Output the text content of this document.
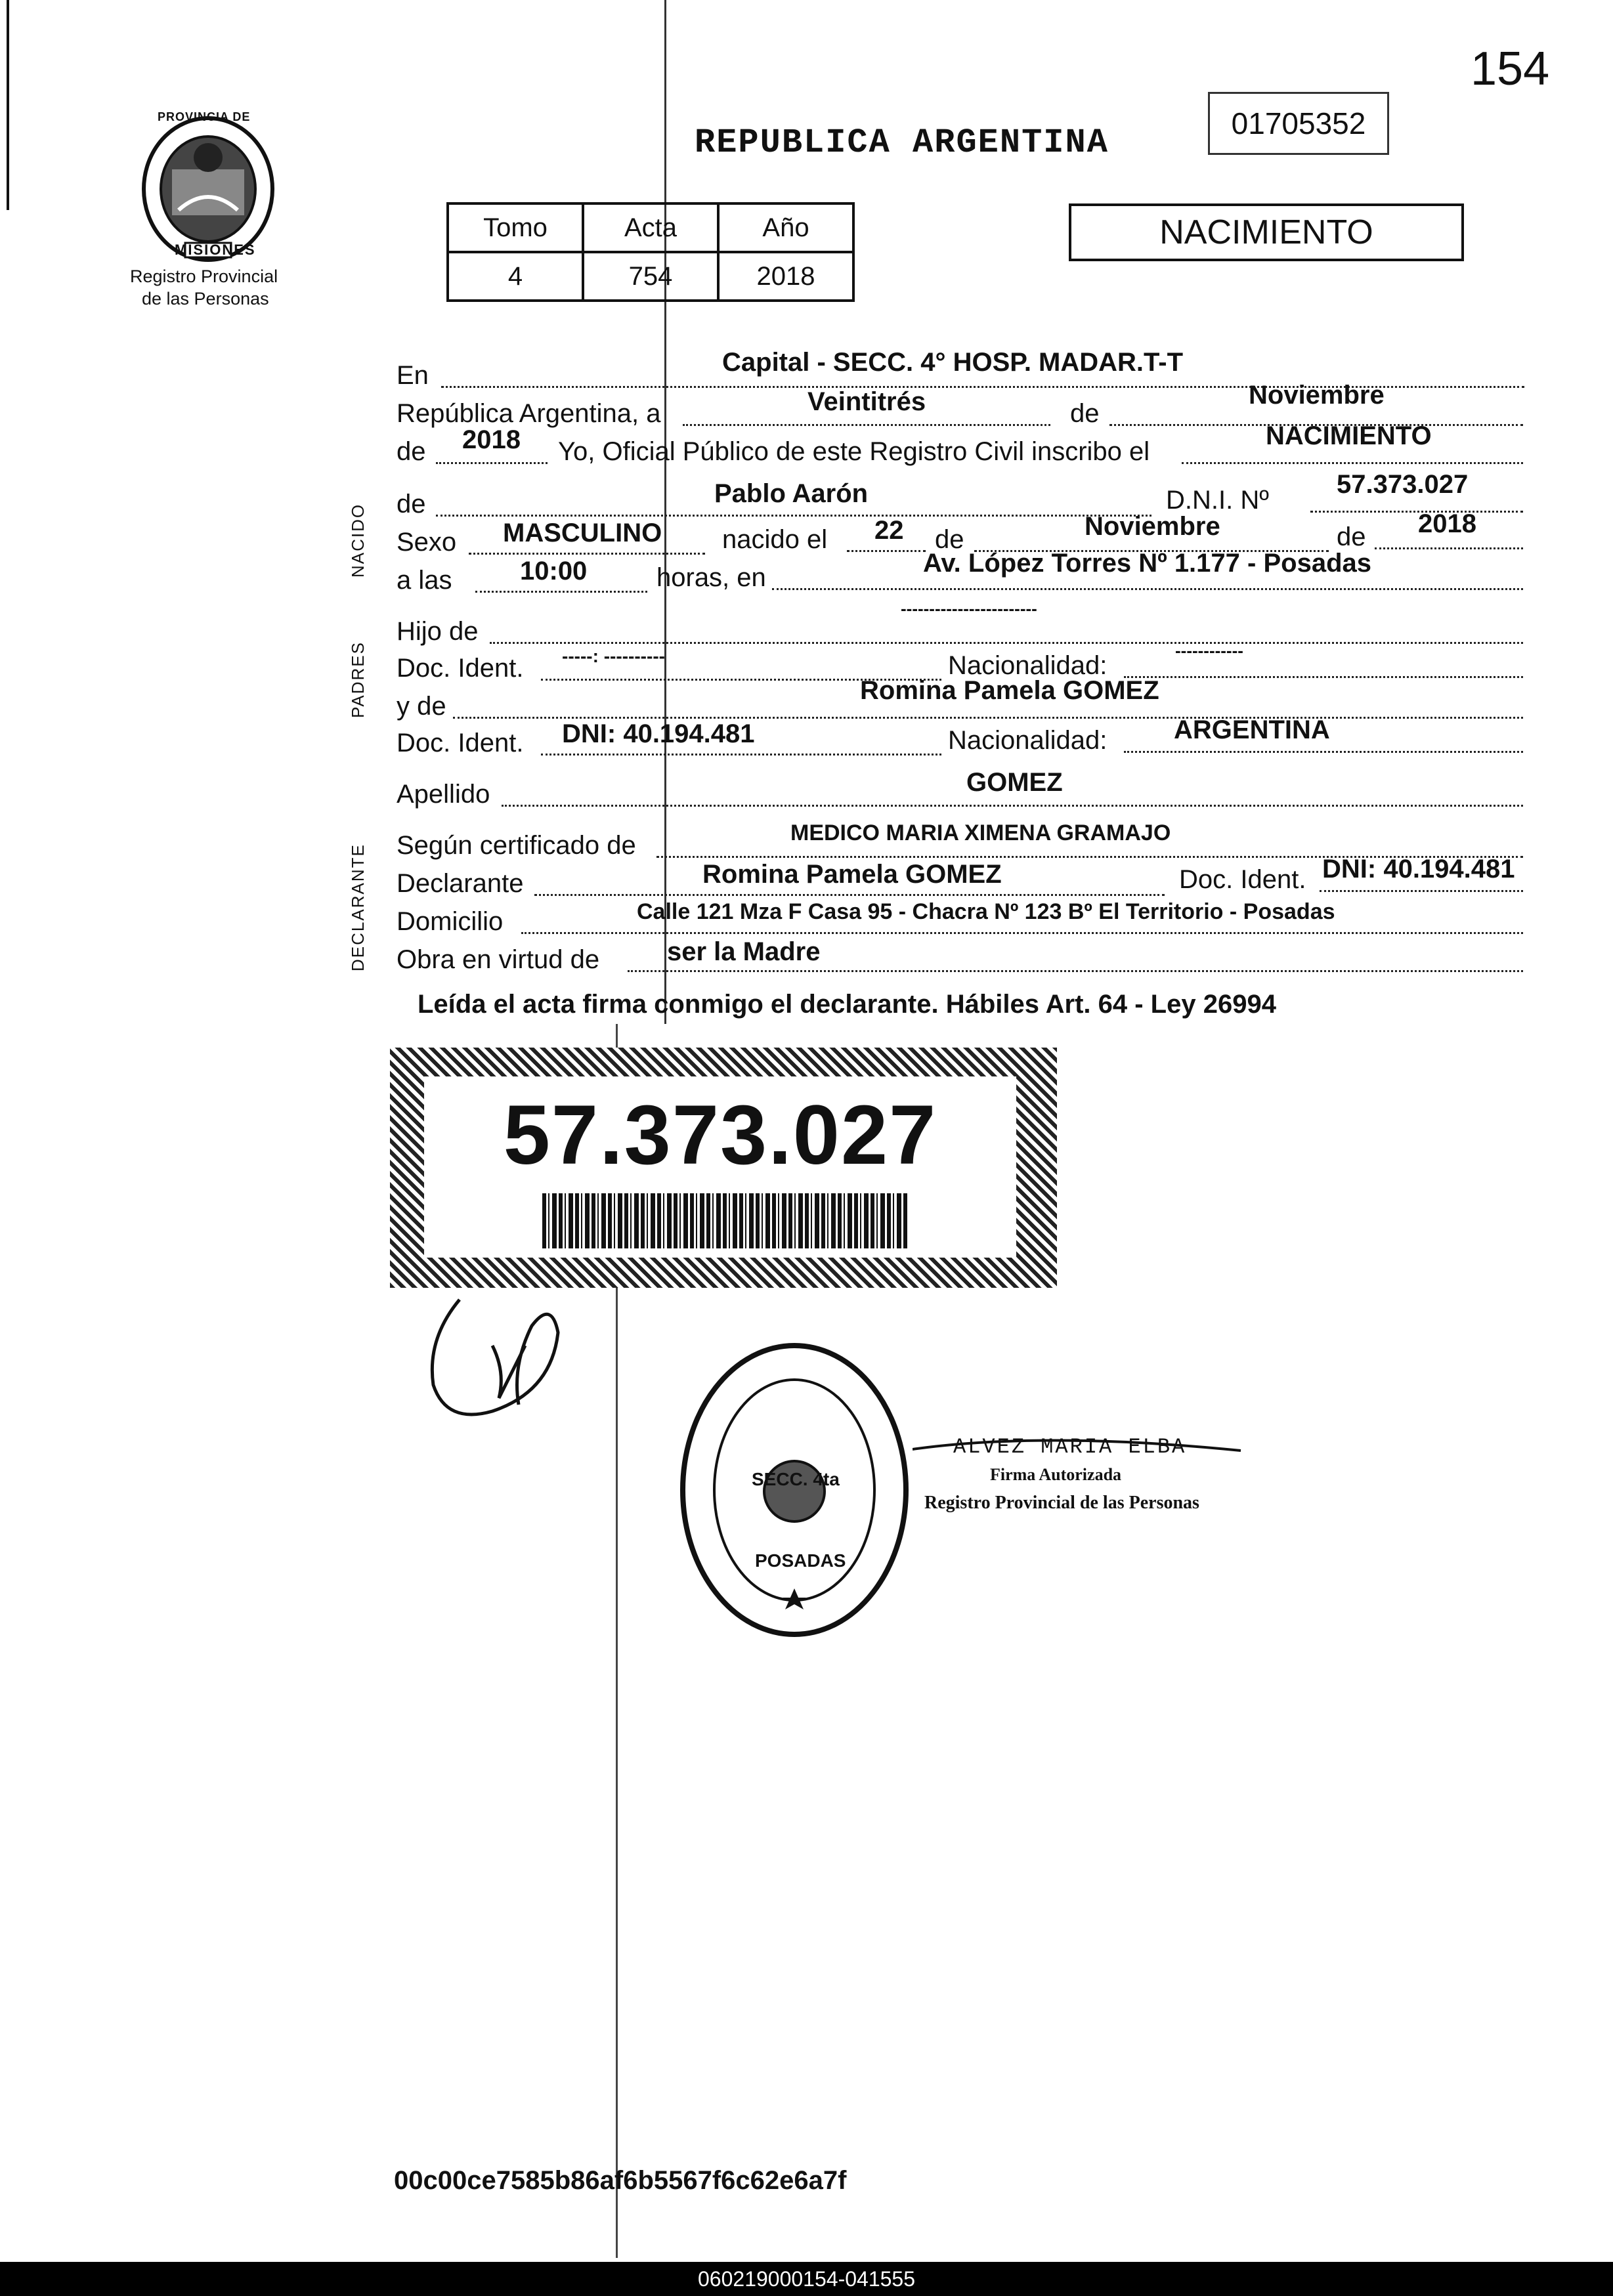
154
PROVINCIA DE
MISIONES
Registro Provincial
de las Personas
REPUBLICA ARGENTINA	01705352
NACIMIENTO
Tomo	Acta	Año
4	754	2018
NACIDO
PADRES
DECLARANTE
En	Capital - SECC. 4° HOSP. MADAR.T-T
República Argentina, a	Veintitrés	de
Noviembre
de 2018 Yo, Oficial Público de este Registro Civil inscribo el
NACIMIENTO
de	Pablo Aarón	D.N.I. Nº
57.373.027
Sexo MASCULINO nacido el 22 de	Noviembre	de 2018
a las	10:00	horas, en	Av. López Torres Nº 1.177 - Posadas
Hijo de
------------------------
Doc. Ident. -----: ----------	Nacionalidad:
------------
y de
Romina Pamela GOMEZ
Doc. Ident. DNI: 40.194.481	Nacionalidad:	ARGENTINA
Apellido	GOMEZ
Según certificado de	MEDICO MARIA XIMENA GRAMAJO
Declarante	Romina Pamela GOMEZ	Doc. Ident. DNI: 40.194.481
Domicilio	Calle 121 Mza F Casa 95 - Chacra Nº 123 Bº El Territorio - Posadas
Obra en virtud de	ser la Madre
Leída el acta firma conmigo el declarante. Hábiles Art. 64 - Ley 26994
57.373.027
SECC. 4ta
POSADAS
ALVEZ MARIA ELBA
Firma Autorizada
Registro Provincial de las Personas
00c00ce7585b86af6b5567f6c62e6a7f
060219000154-041555
